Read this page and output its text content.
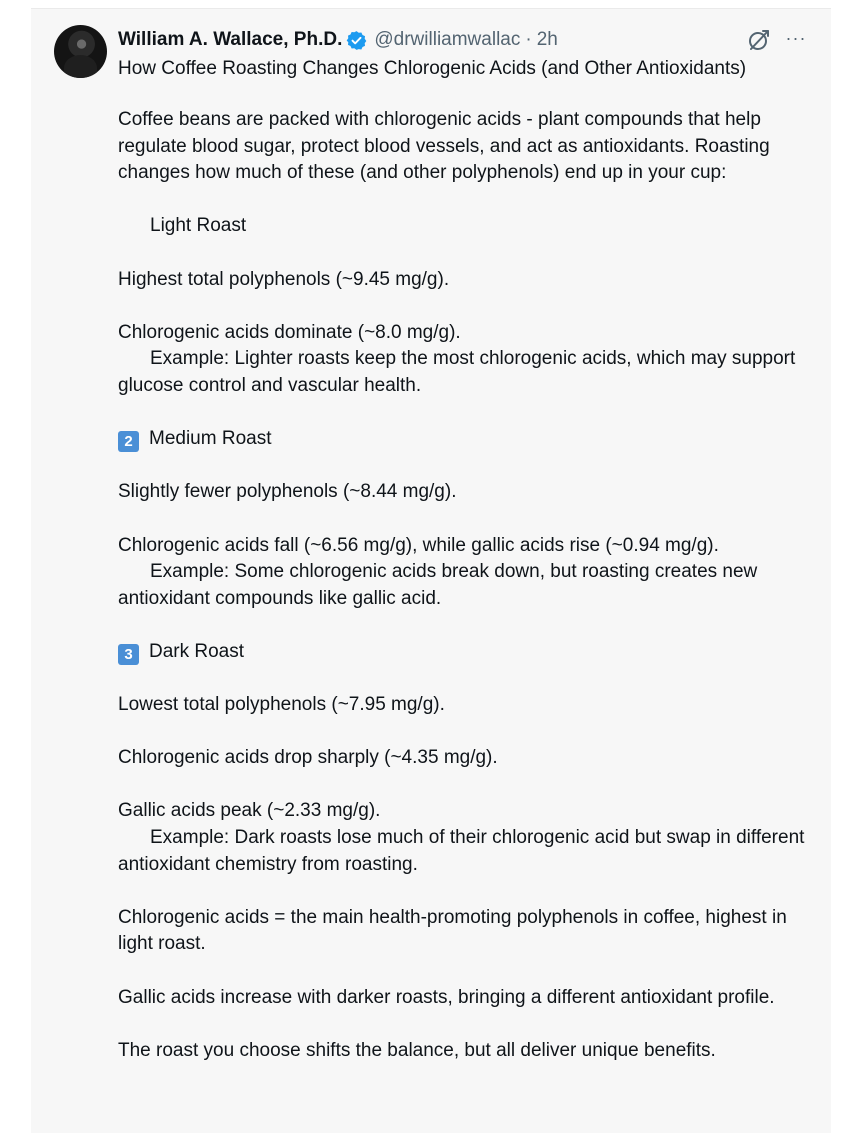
William A. Wallace, Ph.D. @drwilliamwallac · 2h	···
How Coffee Roasting Changes Chlorogenic Acids (and Other Antioxidants)

Coffee beans are packed with chlorogenic acids - plant compounds that help regulate blood sugar, protect blood vessels, and act as antioxidants. Roasting changes how much of these (and other polyphenols) end up in your cup:

Light Roast

Highest total polyphenols (~9.45 mg/g).

Chlorogenic acids dominate (~8.0 mg/g).
Example: Lighter roasts keep the most chlorogenic acids, which may support glucose control and vascular health.

2 Medium Roast

Slightly fewer polyphenols (~8.44 mg/g).

Chlorogenic acids fall (~6.56 mg/g), while gallic acids rise (~0.94 mg/g).
Example: Some chlorogenic acids break down, but roasting creates new antioxidant compounds like gallic acid.

3 Dark Roast

Lowest total polyphenols (~7.95 mg/g).

Chlorogenic acids drop sharply (~4.35 mg/g).

Gallic acids peak (~2.33 mg/g).
Example: Dark roasts lose much of their chlorogenic acid but swap in different antioxidant chemistry from roasting.

Chlorogenic acids = the main health-promoting polyphenols in coffee, highest in light roast.

Gallic acids increase with darker roasts, bringing a different antioxidant profile.

The roast you choose shifts the balance, but all deliver unique benefits.
